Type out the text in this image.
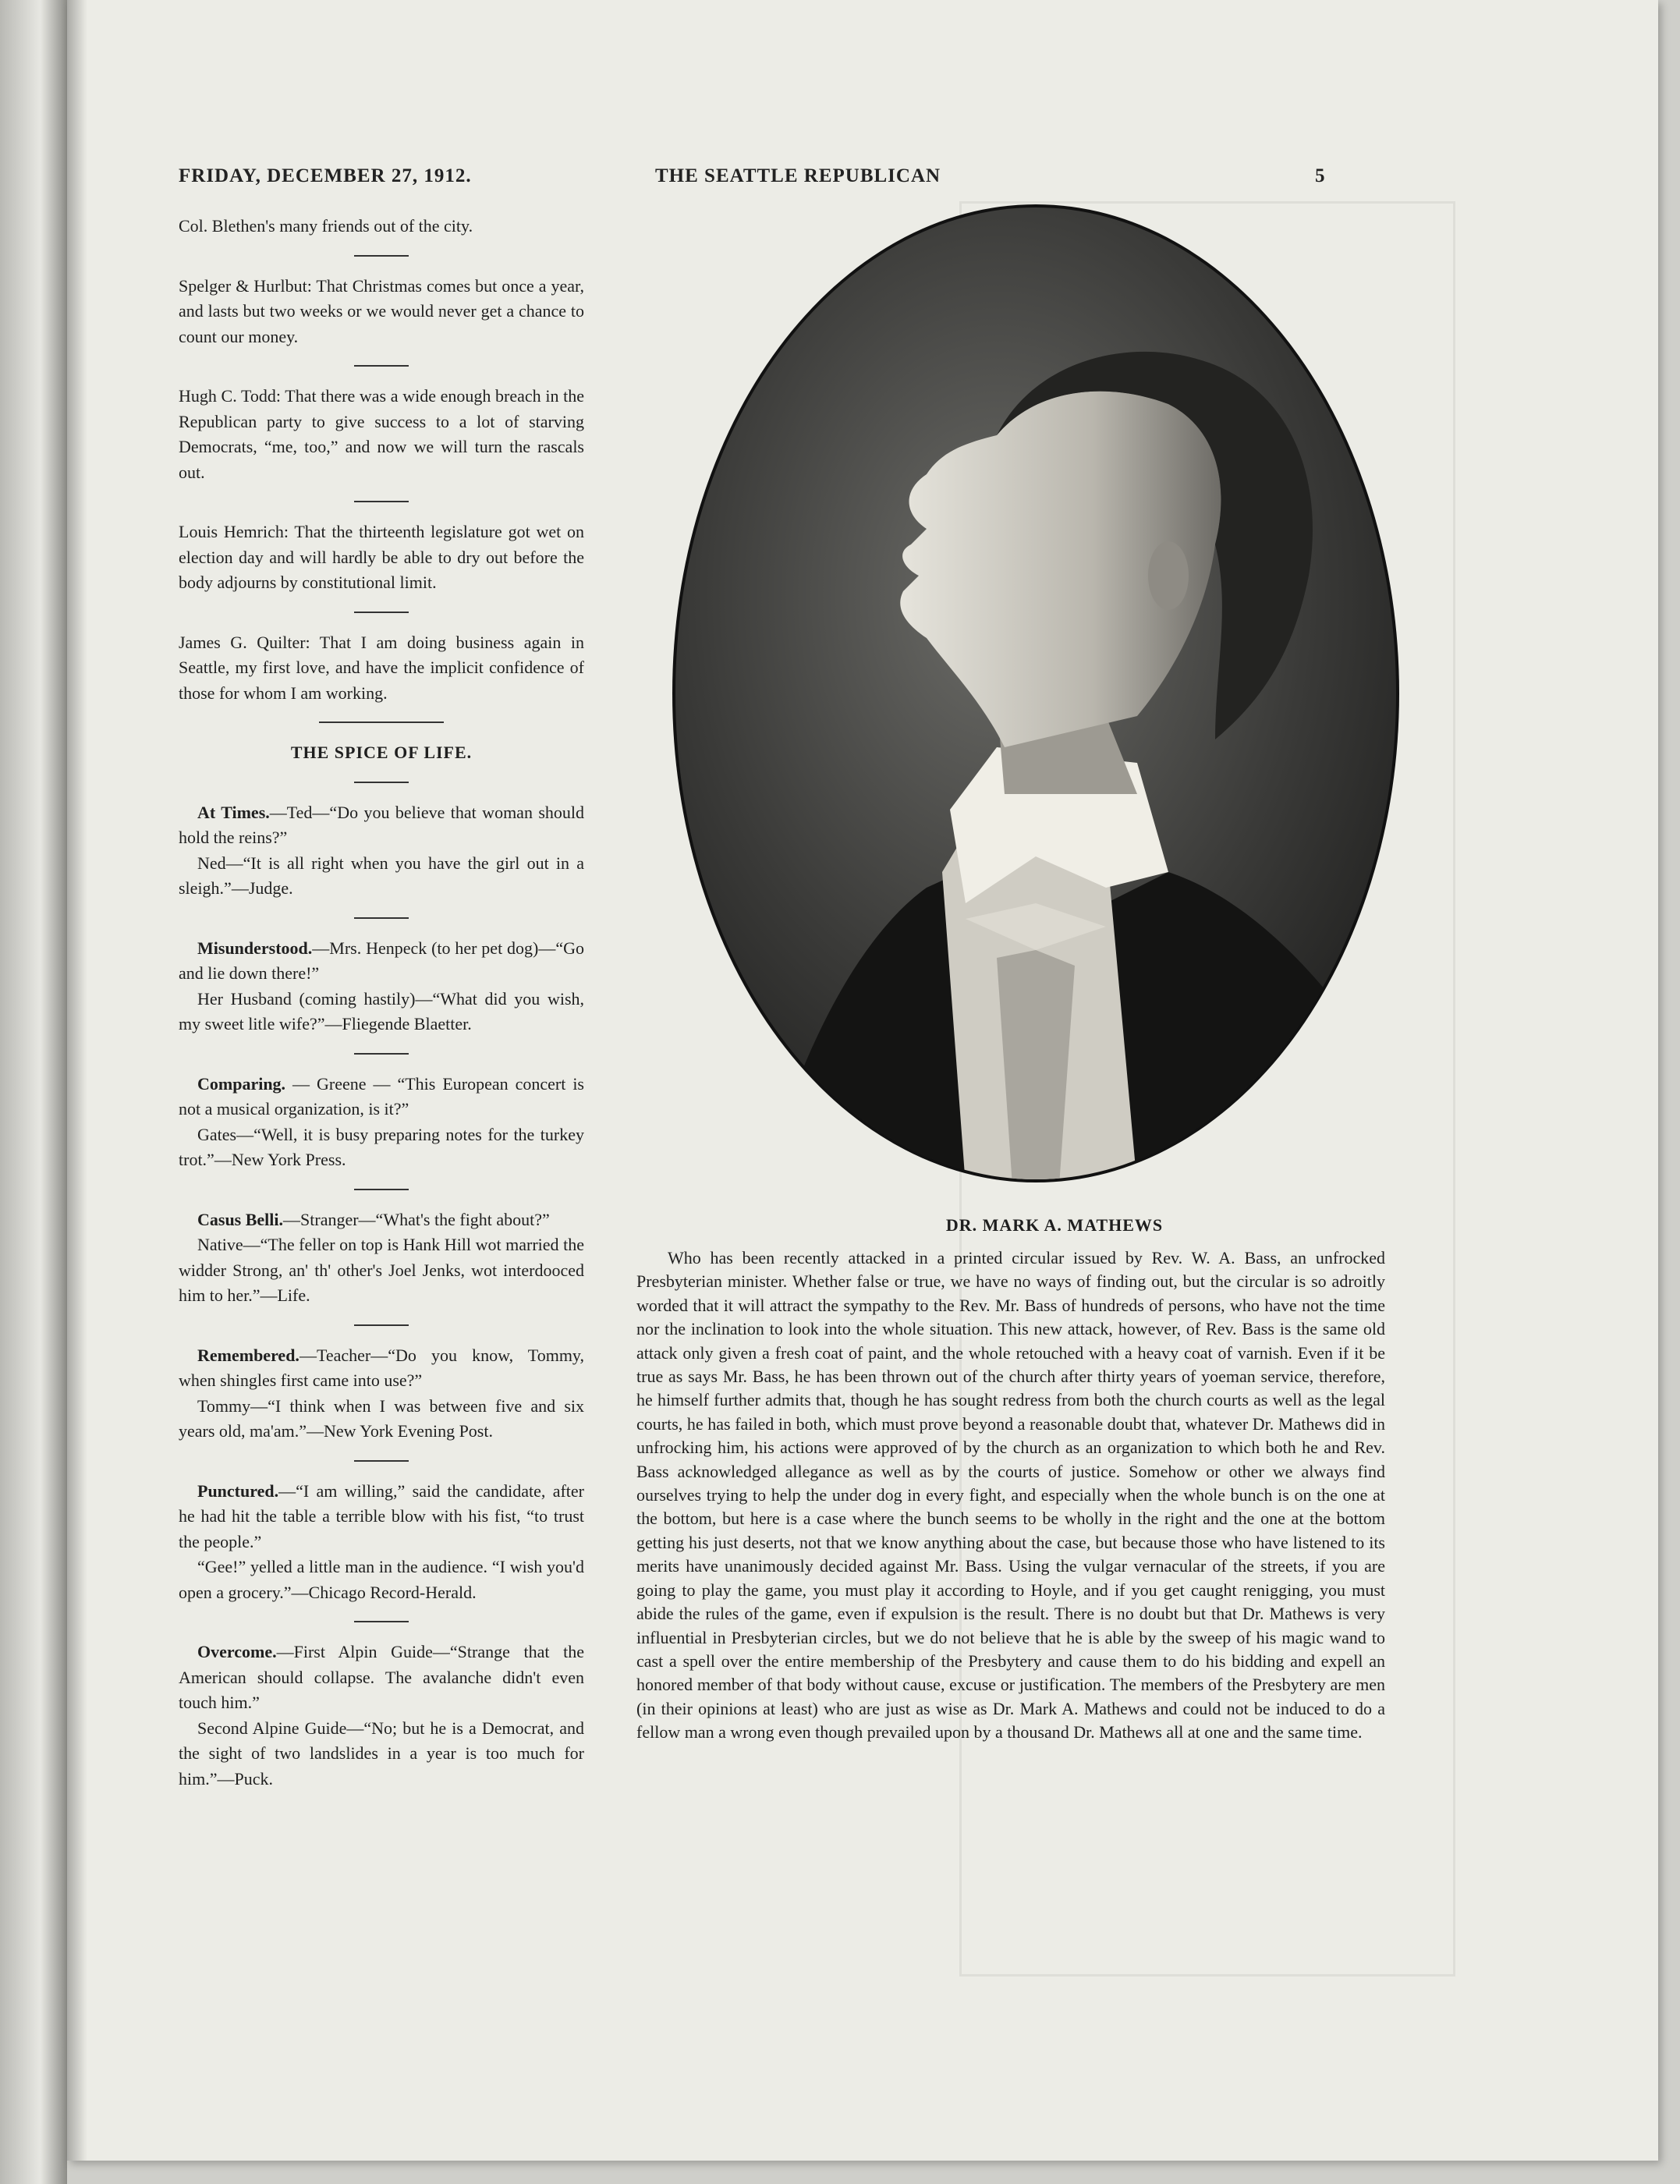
FRIDAY, DECEMBER 27, 1912.	THE SEATTLE REPUBLICAN	5

Col. Blethen's many friends out of the city.

Spelger & Hurlbut: That Christmas comes but once a year, and lasts but two weeks or we would never get a chance to count our money.

Hugh C. Todd: That there was a wide enough breach in the Republican party to give success to a lot of starving Democrats, “me, too,” and now we will turn the rascals out.

Louis Hemrich: That the thirteenth legislature got wet on election day and will hardly be able to dry out before the body adjourns by constitutional limit.

James G. Quilter: That I am doing business again in Seattle, my first love, and have the implicit confidence of those for whom I am working.

THE SPICE OF LIFE.

At Times.—Ted—“Do you believe that woman should hold the reins?”

Ned—“It is all right when you have the girl out in a sleigh.”—Judge.

Misunderstood.—Mrs. Henpeck (to her pet dog)—“Go and lie down there!”

Her Husband (coming hastily)—“What did you wish, my sweet litle wife?”—Fliegende Blaetter.

Comparing. — Greene — “This European concert is not a musical organization, is it?”

Gates—“Well, it is busy preparing notes for the turkey trot.”—New York Press.

Casus Belli.—Stranger—“What's the fight about?”

Native—“The feller on top is Hank Hill wot married the widder Strong, an' th' other's Joel Jenks, wot interdooced him to her.”—Life.

Remembered.—Teacher—“Do you know, Tommy, when shingles first came into use?”

Tommy—“I think when I was between five and six years old, ma'am.”—New York Evening Post.

Punctured.—“I am willing,” said the candidate, after he had hit the table a terrible blow with his fist, “to trust the people.”

“Gee!” yelled a little man in the audience. “I wish you'd open a grocery.”—Chicago Record-Herald.

Overcome.—First Alpin Guide—“Strange that the American should collapse. The avalanche didn't even touch him.”

Second Alpine Guide—“No; but he is a Democrat, and the sight of two landslides in a year is too much for him.”—Puck.

DR. MARK A. MATHEWS

Who has been recently attacked in a printed circular issued by Rev. W. A. Bass, an unfrocked Presbyterian minister. Whether false or true, we have no ways of finding out, but the circular is so adroitly worded that it will attract the sympathy to the Rev. Mr. Bass of hundreds of persons, who have not the time nor the inclination to look into the whole situation. This new attack, however, of Rev. Bass is the same old attack only given a fresh coat of paint, and the whole retouched with a heavy coat of varnish. Even if it be true as says Mr. Bass, he has been thrown out of the church after thirty years of yoeman service, therefore, he himself further admits that, though he has sought redress from both the church courts as well as the legal courts, he has failed in both, which must prove beyond a reasonable doubt that, whatever Dr. Mathews did in unfrocking him, his actions were approved of by the church as an organization to which both he and Rev. Bass acknowledged allegance as well as by the courts of justice. Somehow or other we always find ourselves trying to help the under dog in every fight, and especially when the whole bunch is on the one at the bottom, but here is a case where the bunch seems to be wholly in the right and the one at the bottom getting his just deserts, not that we know anything about the case, but because those who have listened to its merits have unanimously decided against Mr. Bass. Using the vulgar vernacular of the streets, if you are going to play the game, you must play it according to Hoyle, and if you get caught renigging, you must abide the rules of the game, even if expulsion is the result. There is no doubt but that Dr. Mathews is very influential in Presbyterian circles, but we do not believe that he is able by the sweep of his magic wand to cast a spell over the entire membership of the Presbytery and cause them to do his bidding and expell an honored member of that body without cause, excuse or justification. The members of the Presbytery are men (in their opinions at least) who are just as wise as Dr. Mark A. Mathews and could not be induced to do a fellow man a wrong even though prevailed upon by a thousand Dr. Mathews all at one and the same time.
